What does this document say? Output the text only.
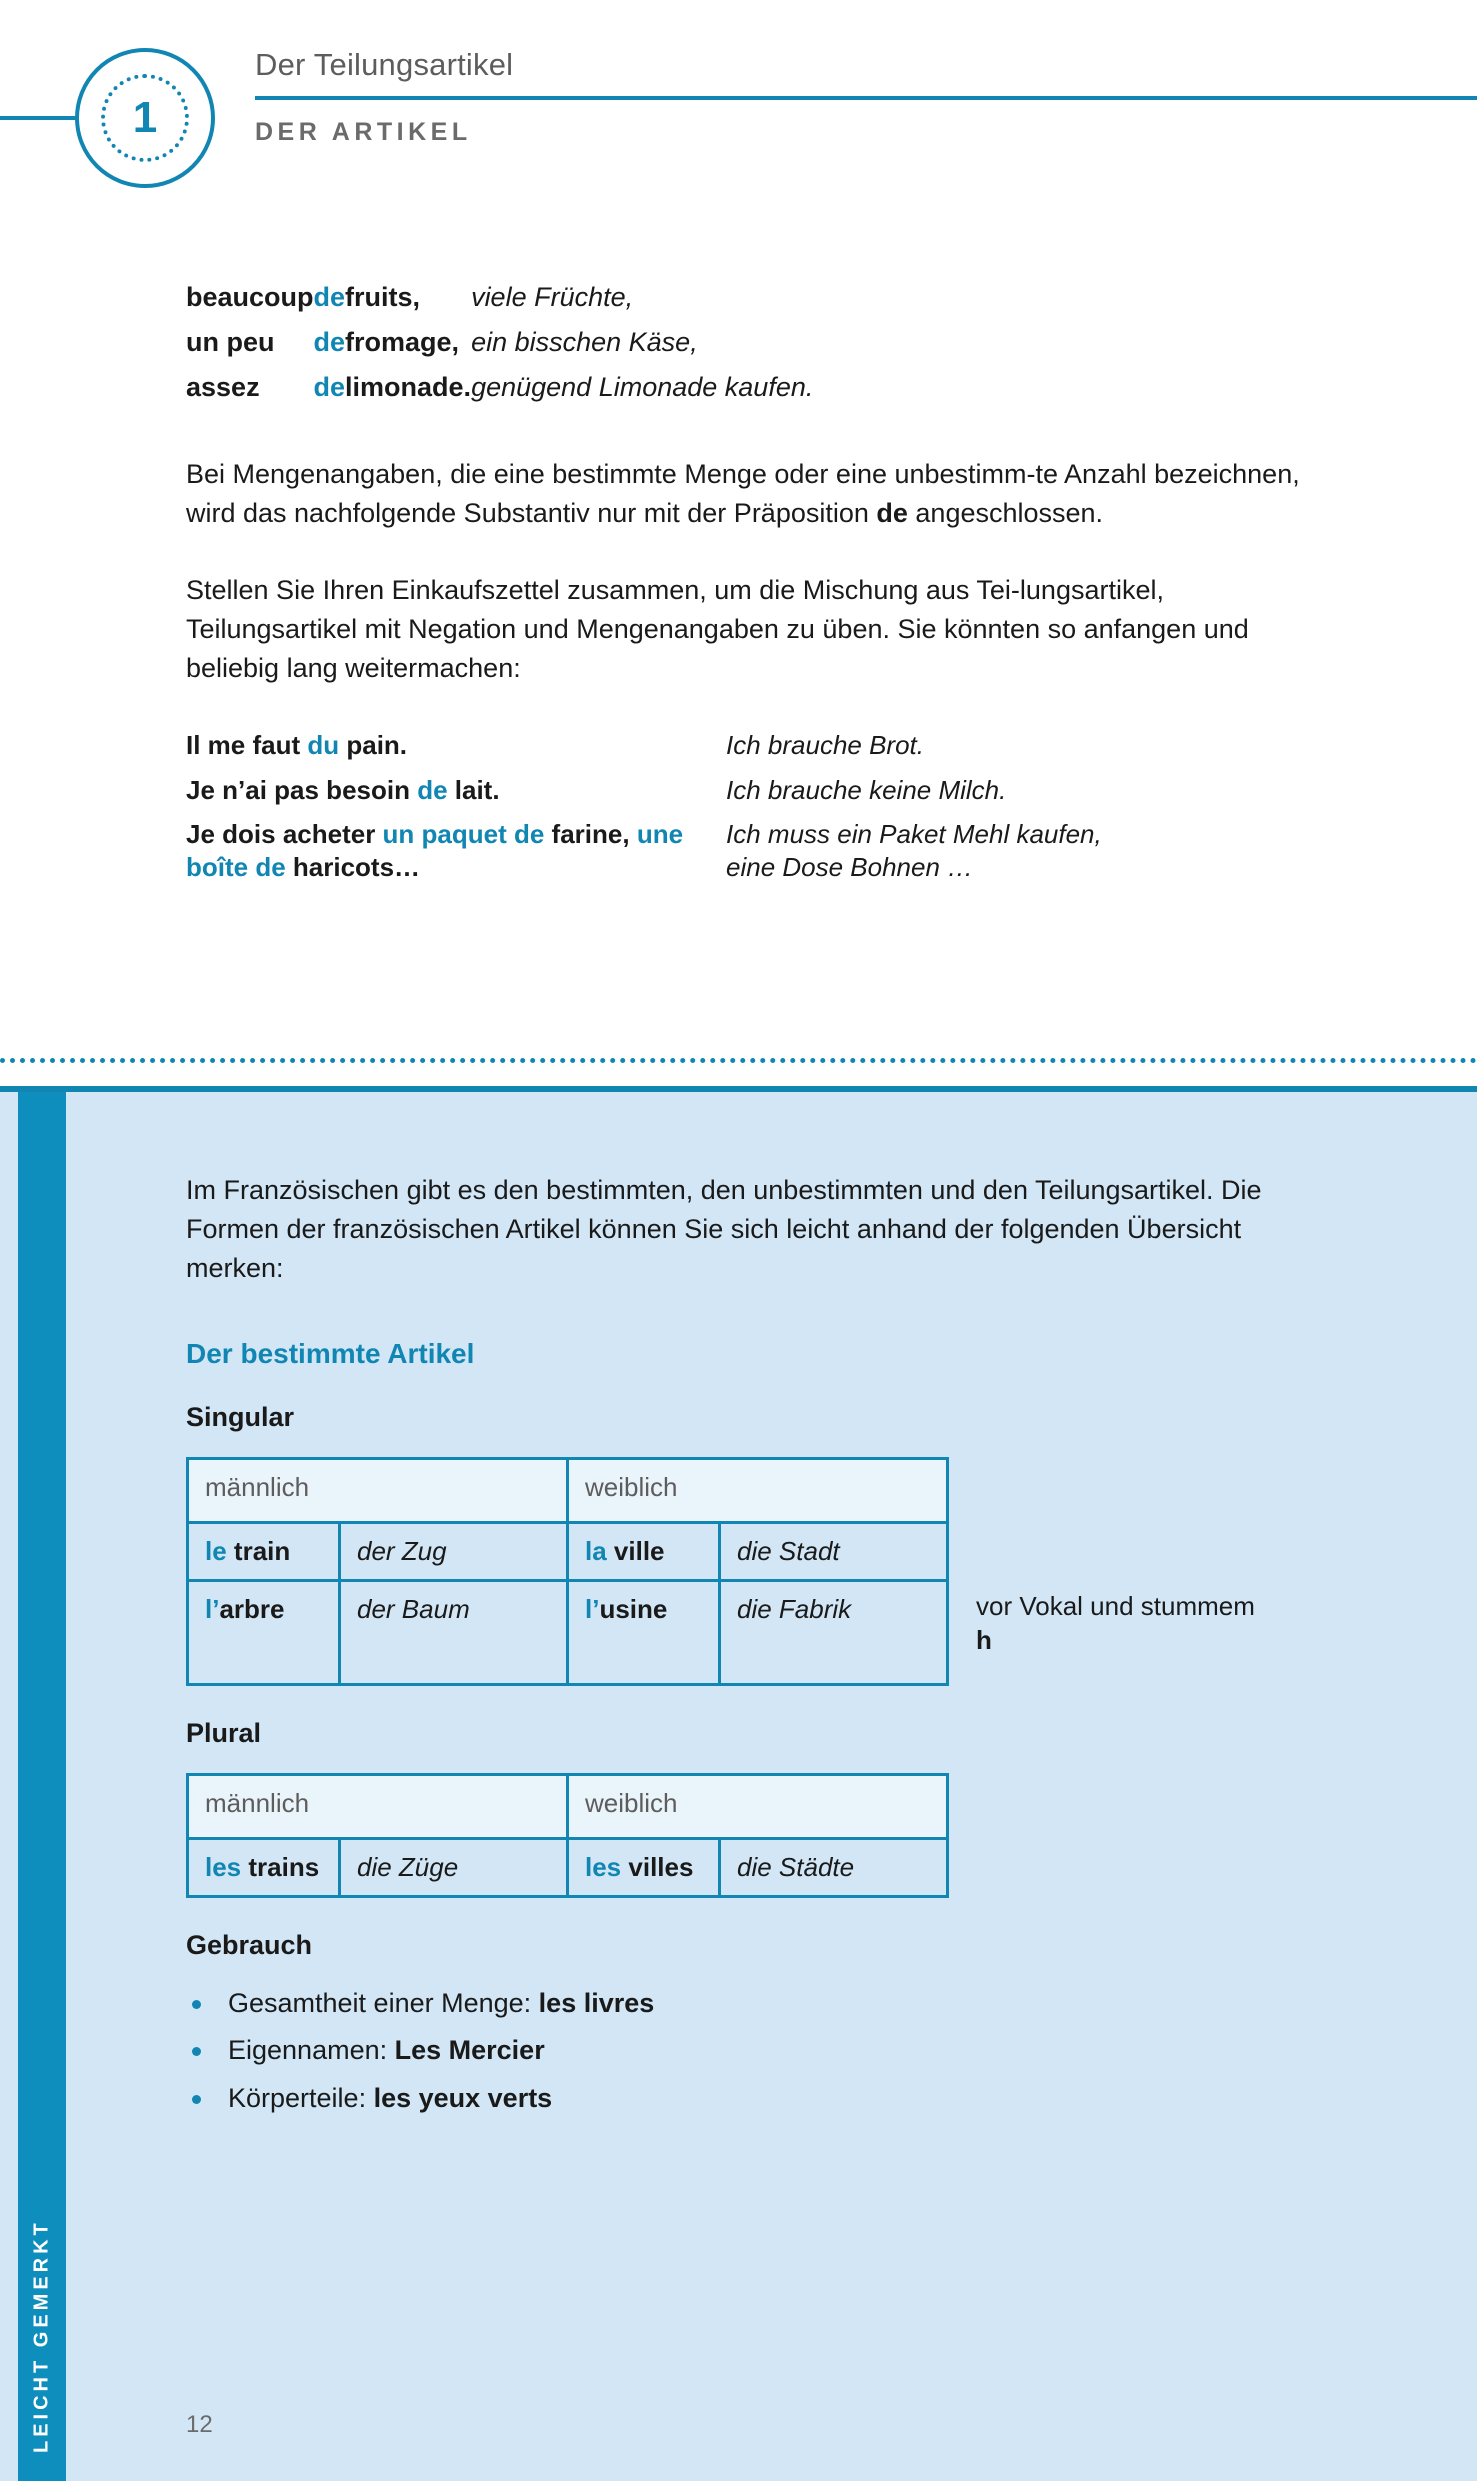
1
Der Teilungsartikel
DER ARTIKEL
beaucoup	de	fruits,	viele Früchte,
un peu	de	fromage,	ein bisschen Käse,
assez	de	limonade.	genügend Limonade kaufen.

Bei Mengenangaben, die eine bestimmte Menge oder eine unbestimm-te Anzahl bezeichnen, wird das nachfolgende Substantiv nur mit der Präposition de angeschlossen.

Stellen Sie Ihren Einkaufszettel zusammen, um die Mischung aus Tei-lungsartikel, Teilungsartikel mit Negation und Mengenangaben zu üben. Sie könnten so anfangen und beliebig lang weitermachen:

Il me faut du pain.	Ich brauche Brot.
Je n’ai pas besoin de lait.	Ich brauche keine Milch.
Je dois acheter un paquet de farine, une boîte de haricots…	Ich muss ein Paket Mehl kaufen,
eine Dose Bohnen …
LEICHT GEMERKT

Im Französischen gibt es den bestimmten, den unbestimmten und den Teilungsartikel. Die Formen der französischen Artikel können Sie sich leicht anhand der folgenden Übersicht merken:

Der bestimmte Artikel
Singular
männlich		weiblich	
le train	der Zug	la ville	die Stadt
l’arbre	der Baum	l’usine	die Fabrik	vor Vokal und stummem h
Plural
männlich		weiblich	
les trains	die Züge	les villes	die Städte
Gebrauch
Gesamtheit einer Menge: les livres
Eigennamen: Les Mercier
Körperteile: les yeux verts
12
